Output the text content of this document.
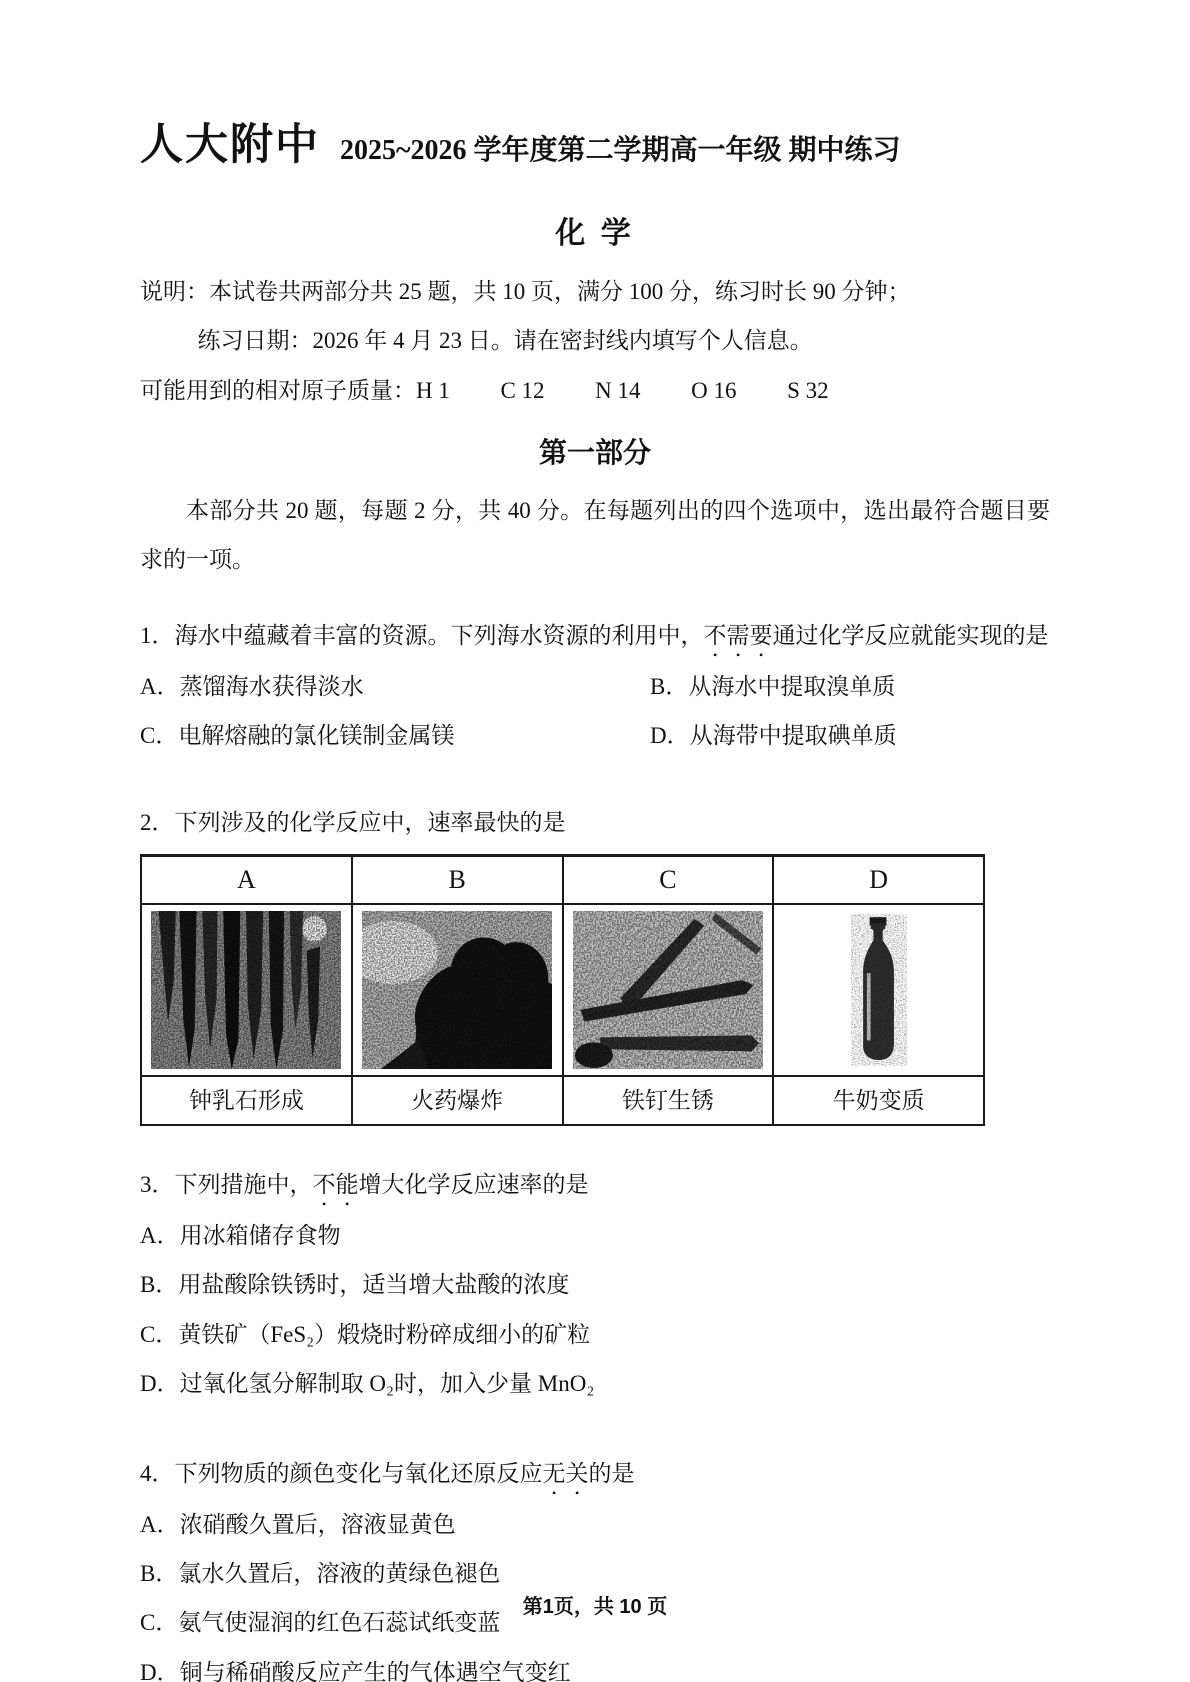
人大附中 2025~2026 学年度第二学期高一年级 期中练习
化 学

说明：本试卷共两部分共 25 题，共 10 页，满分 100 分，练习时长 90 分钟；

练习日期：2026 年 4 月 23 日。请在密封线内填写个人信息。

可能用到的相对原子质量：H 1 C 12 N 14 O 16 S 32

第一部分

本部分共 20 题，每题 2 分，共 40 分。在每题列出的四个选项中，选出最符合题目要求的一项。

1．海水中蕴藏着丰富的资源。下列海水资源的利用中，不需要通过化学反应就能实现的是

A．蒸馏海水获得淡水	B．从海水中提取溴单质
C．电解熔融的氯化镁制金属镁	D．从海带中提取碘单质

2．下列涉及的化学反应中，速率最快的是

A	B	C	D

钟乳石形成	火药爆炸	铁钉生锈	牛奶变质

3．下列措施中，不能增大化学反应速率的是

A．用冰箱储存食物
B．用盐酸除铁锈时，适当增大盐酸的浓度
C．黄铁矿（FeS₂）煅烧时粉碎成细小的矿粒
D．过氧化氢分解制取 O₂时，加入少量 MnO₂

4．下列物质的颜色变化与氧化还原反应无关的是

A．浓硝酸久置后，溶液显黄色
B．氯水久置后，溶液的黄绿色褪色
C．氨气使湿润的红色石蕊试纸变蓝
D．铜与稀硝酸反应产生的气体遇空气变红
第1页，共 10 页
